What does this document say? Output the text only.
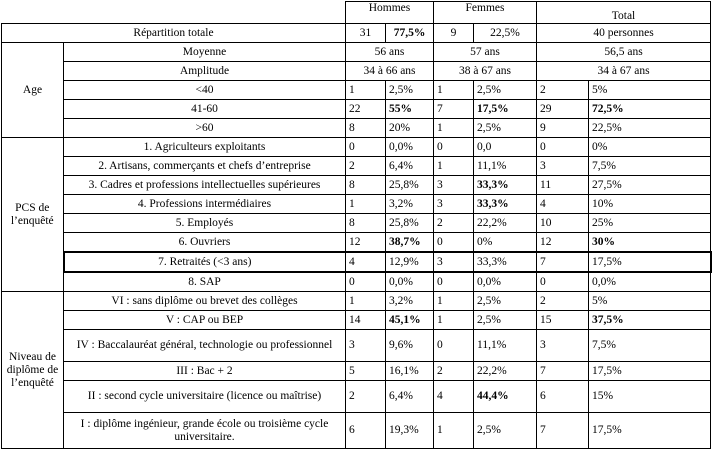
		Hommes		Femmes		Total	
Répartition totale		31	77,5%	9	22,5%	40 personnes	
Age	Moyenne	56 ans		57 ans		56,5 ans	
	Amplitude	34 à 66 ans		38 à 67 ans		34 à 67 ans	
	<40	1	2,5%	1	2,5%	2	5%
	41-60	22	55%	7	17,5%	29	72,5%
	>60	8	20%	1	2,5%	9	22,5%
PCS de l’enquêté	1. Agriculteurs exploitants	0	0,0%	0	0,0	0	0%
	2. Artisans, commerçants et chefs d’entreprise	2	6,4%	1	11,1%	3	7,5%
	3. Cadres et professions intellectuelles supérieures	8	25,8%	3	33,3%	11	27,5%
	4. Professions intermédiaires	1	3,2%	3	33,3%	4	10%
	5. Employés	8	25,8%	2	22,2%	10	25%
	6. Ouvriers	12	38,7%	0	0%	12	30%
	7. Retraités (<3 ans)	4	12,9%	3	33,3%	7	17,5%
	8. SAP	0	0,0%	0	0,0%	0	0,0%
Niveau de diplôme de l’enquêté	VI : sans diplôme ou brevet des collèges	1	3,2%	1	2,5%	2	5%
	V : CAP ou BEP	14	45,1%	1	2,5%	15	37,5%
	IV : Baccalauréat général, technologie ou professionnel	3	9,6%	0	11,1%	3	7,5%
	III : Bac + 2	5	16,1%	2	22,2%	7	17,5%
	II : second cycle universitaire (licence ou maîtrise)	2	6,4%	4	44,4%	6	15%
	I : diplôme ingénieur, grande école ou troisième cycle universitaire.	6	19,3%	1	2,5%	7	17,5%
